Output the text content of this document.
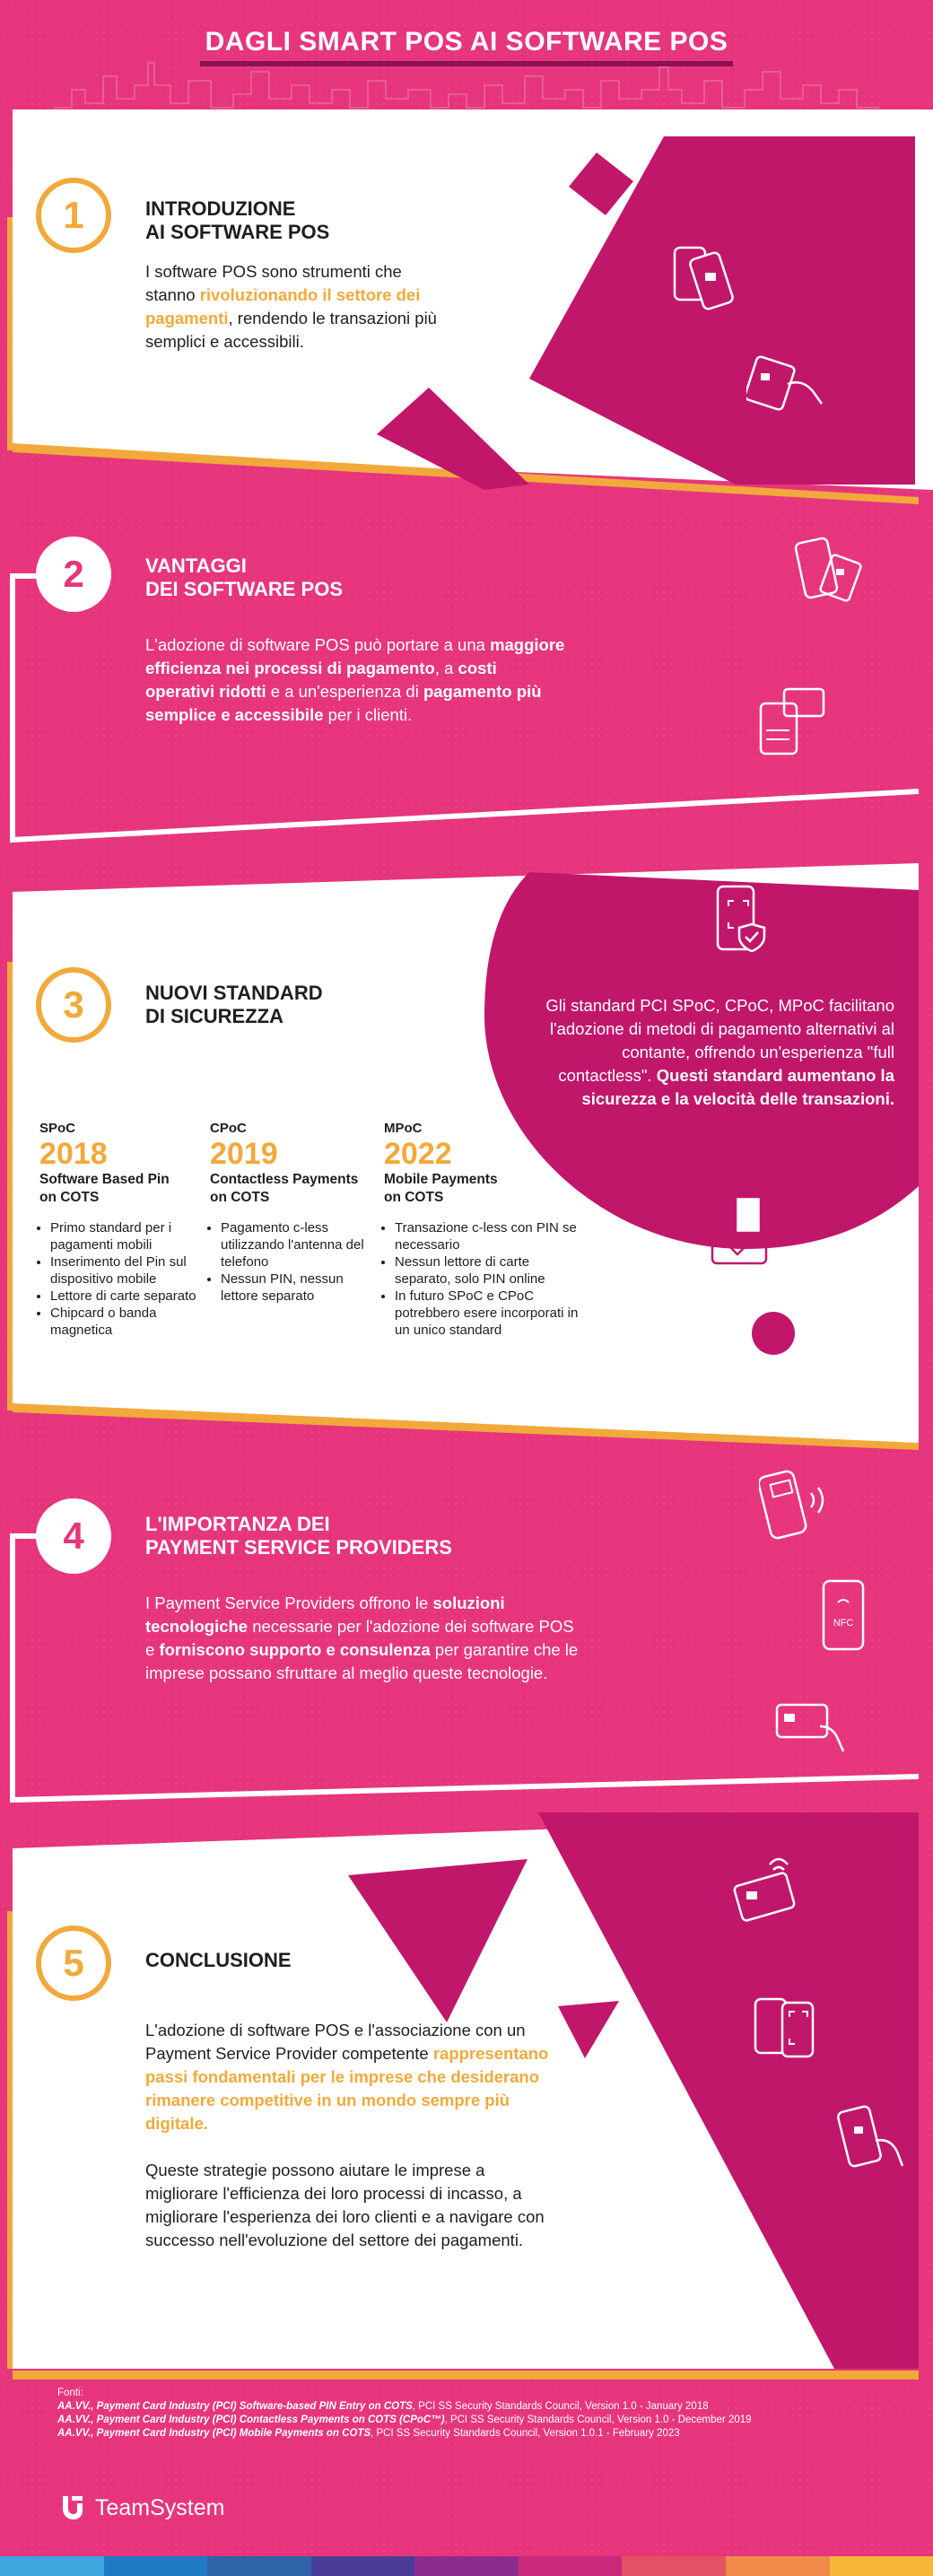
DAGLI SMART POS AI SOFTWARE POS
1	INTRODUZIONE
AI SOFTWARE POS
I software POS sono strumenti che stanno rivoluzionando il settore dei pagamenti, rendendo le transazioni più semplici e accessibili.
2	VANTAGGI
DEI SOFTWARE POS
L'adozione di software POS può portare a una maggiore efficienza nei processi di pagamento, a costi operativi ridotti e a un'esperienza di pagamento più semplice e accessibile per i clienti.
3	NUOVI STANDARD
DI SICUREZZA	Gli standard PCI SPoC, CPoC, MPoC facilitano l'adozione di metodi di pagamento alternativi al contante, offrendo un'esperienza "full contactless". Questi standard aumentano la sicurezza e la velocità delle transazioni.
SPoC
2018
Software Based Pin
on COTS
• Primo standard per i pagamenti mobili
• Inserimento del Pin sul dispositivo mobile
• Lettore di carte separato
• Chipcard o banda magnetica
CPoC
2019
Contactless Payments
on COTS
• Pagamento c-less utilizzando l'antenna del telefono
• Nessun PIN, nessun lettore separato
MPoC
2022
Mobile Payments
on COTS
• Transazione c-less con PIN se necessario
• Nessun lettore di carte separato, solo PIN online
• In futuro SPoC e CPoC potrebbero esere incorporati in un unico standard
4	L'IMPORTANZA DEI
PAYMENT SERVICE PROVIDERS
I Payment Service Providers offrono le soluzioni tecnologiche necessarie per l'adozione dei software POS e forniscono supporto e consulenza per garantire che le imprese possano sfruttare al meglio queste tecnologie.
NFC
5	CONCLUSIONE
L'adozione di software POS e l'associazione con un Payment Service Provider competente rappresentano passi fondamentali per le imprese che desiderano rimanere competitive in un mondo sempre più digitale.
Queste strategie possono aiutare le imprese a migliorare l'efficienza dei loro processi di incasso, a migliorare l'esperienza dei loro clienti e a navigare con successo nell'evoluzione del settore dei pagamenti.
Fonti:
AA.VV., Payment Card Industry (PCI) Software-based PIN Entry on COTS, PCI SS Security Standards Council, Version 1.0 - January 2018
AA.VV., Payment Card Industry (PCI) Contactless Payments on COTS (CPoC™), PCI SS Security Standards Council, Version 1.0 - December 2019
AA.VV., Payment Card Industry (PCI) Mobile Payments on COTS, PCI SS Security Standards Council, Version 1.0.1 - February 2023
TeamSystem
